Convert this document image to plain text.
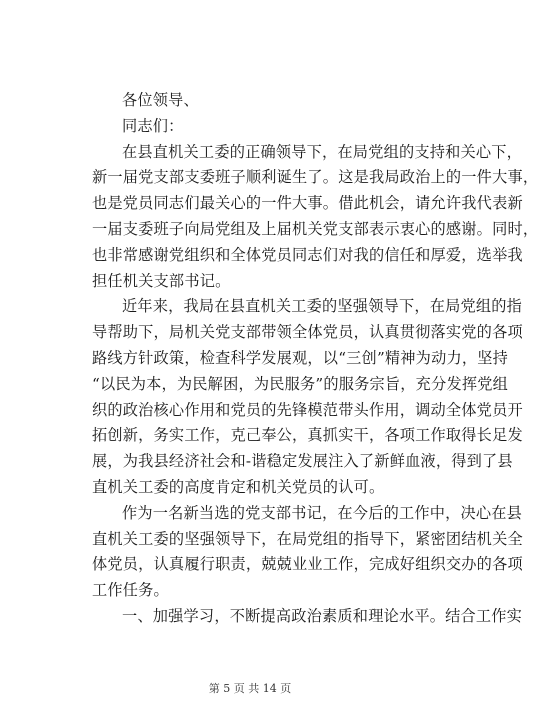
各位领导、
同志们：
在县直机关工委的正确领导下，在局党组的支持和关心下，
新一届党支部支委班子顺利诞生了。这是我局政治上的一件大事，
也是党员同志们最关心的一件大事。借此机会，请允许我代表新
一届支委班子向局党组及上届机关党支部表示衷心的感谢。同时，
也非常感谢党组织和全体党员同志们对我的信任和厚爱，选举我
担任机关支部书记。
近年来，我局在县直机关工委的坚强领导下，在局党组的指
导帮助下，局机关党支部带领全体党员，认真贯彻落实党的各项
路线方针政策，检查科学发展观，以“三创”精神为动力，坚持
“以民为本，为民解困，为民服务”的服务宗旨，充分发挥党组
织的政治核心作用和党员的先锋模范带头作用，调动全体党员开
拓创新，务实工作，克己奉公，真抓实干，各项工作取得长足发
展，为我县经济社会和-谐稳定发展注入了新鲜血液，得到了县
直机关工委的高度肯定和机关党员的认可。
作为一名新当选的党支部书记，在今后的工作中，决心在县
直机关工委的坚强领导下，在局党组的指导下，紧密团结机关全
体党员，认真履行职责，兢兢业业工作，完成好组织交办的各项
工作任务。
一、加强学习，不断提高政治素质和理论水平。结合工作实
第 5 页 共 14 页
